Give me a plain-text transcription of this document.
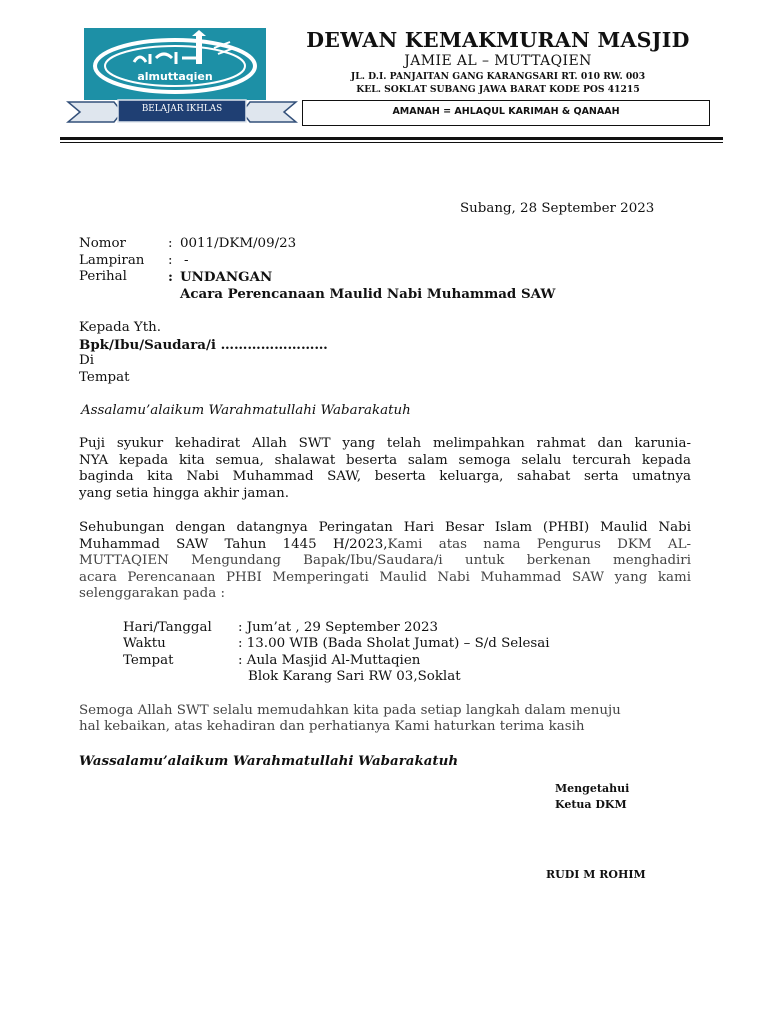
almuttaqien
BELAJAR IKHLAS
DEWAN KEMAKMURAN MASJID
JAMIE AL – MUTTAQIEN
JL. D.I. PANJAITAN GANG KARANGSARI RT. 010 RW. 003
KEL. SOKLAT SUBANG JAWA BARAT KODE POS 41215
AMANAH = AHLAQUL KARIMAH & QANAAH
Subang, 28 September 2023
Nomor	: 0011/DKM/09/23
Lampiran : -
Perihal	: UNDANGAN
Acara Perencanaan Maulid Nabi Muhammad SAW
Kepada Yth.
Bpk/Ibu/Saudara/i ……………………
Di
Tempat
Assalamu’alaikum Warahmatullahi Wabarakatuh
Puji syukur kehadirat Allah SWT yang telah melimpahkan rahmat dan karunia-
NYA kepada kita semua, shalawat beserta salam semoga selalu tercurah kepada
baginda kita Nabi Muhammad SAW, beserta keluarga, sahabat serta umatnya
yang setia hingga akhir jaman.
Sehubungan dengan datangnya Peringatan Hari Besar Islam (PHBI) Maulid Nabi
Muhammad SAW Tahun 1445 H/2023,Kami atas nama Pengurus DKM AL-
MUTTAQIEN Mengundang Bapak/Ibu/Saudara/i untuk berkenan menghadiri
acara Perencanaan PHBI Memperingati Maulid Nabi Muhammad SAW yang kami
selenggarakan pada :
Hari/Tanggal : Jum’at , 29 September 2023
Waktu	: 13.00 WIB (Bada Sholat Jumat) – S/d Selesai
Tempat	: Aula Masjid Al-Muttaqien
Blok Karang Sari RW 03,Soklat
Semoga Allah SWT selalu memudahkan kita pada setiap langkah dalam menuju
hal kebaikan, atas kehadiran dan perhatianya Kami haturkan terima kasih
Wassalamu’alaikum Warahmatullahi Wabarakatuh
Mengetahui
Ketua DKM
RUDI M ROHIM
